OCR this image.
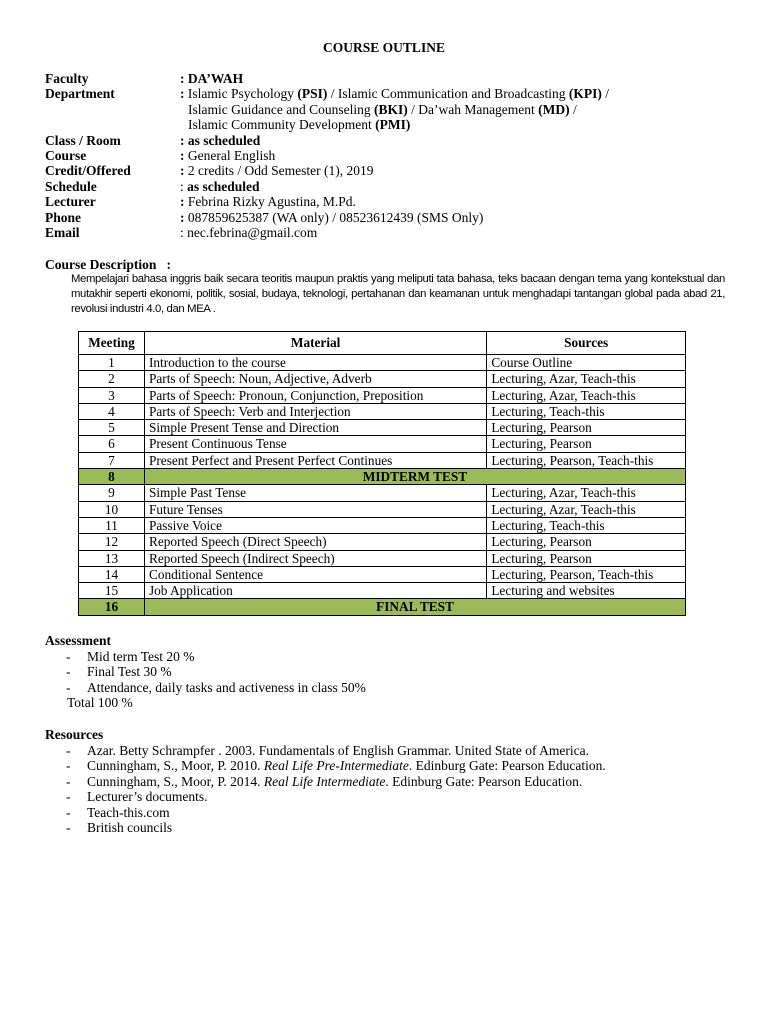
COURSE OUTLINE
Faculty	: DA’WAH
Department	: Islamic Psychology (PSI) / Islamic Communication and Broadcasting (KPI) /
Islamic Guidance and Counseling (BKI) / Da’wah Management (MD) /
Islamic Community Development (PMI)
Class / Room	: as scheduled
Course	: General English
Credit/Offered	: 2 credits / Odd Semester (1), 2019
Schedule	: as scheduled
Lecturer	: Febrina Rizky Agustina, M.Pd.
Phone	: 087859625387 (WA only) / 08523612439 (SMS Only)
Email	: nec.febrina@gmail.com
Course Description   :
Mempelajari bahasa inggris baik secara teoritis maupun praktis yang meliputi tata bahasa, teks bacaan dengan tema yang kontekstual dan mutakhir seperti ekonomi, politik, sosial, budaya, teknologi, pertahanan dan keamanan untuk menghadapi tantangan global pada abad 21, revolusi industri 4.0, dan MEA .
Meeting	Material	Sources
1	Introduction to the course	Course Outline
2	Parts of Speech: Noun, Adjective, Adverb	Lecturing, Azar, Teach-this
3	Parts of Speech: Pronoun, Conjunction, Preposition	Lecturing, Azar, Teach-this
4	Parts of Speech: Verb and Interjection	Lecturing, Teach-this
5	Simple Present Tense and Direction	Lecturing, Pearson
6	Present Continuous Tense	Lecturing, Pearson
7	Present Perfect and Present Perfect Continues	Lecturing, Pearson, Teach-this
8	MIDTERM TEST	
9	Simple Past Tense	Lecturing, Azar, Teach-this
10	Future Tenses	Lecturing, Azar, Teach-this
11	Passive Voice	Lecturing, Teach-this
12	Reported Speech (Direct Speech)	Lecturing, Pearson
13	Reported Speech (Indirect Speech)	Lecturing, Pearson
14	Conditional Sentence	Lecturing, Pearson, Teach-this
15	Job Application	Lecturing and websites
16	FINAL TEST	
Assessment
-	Mid term Test 20 %
-	Final Test 30 %
-	Attendance, daily tasks and activeness in class 50%
Total 100 %
Resources
-	Azar. Betty Schrampfer . 2003. Fundamentals of English Grammar. United State of America.
-	Cunningham, S., Moor, P. 2010. Real Life Pre-Intermediate. Edinburg Gate: Pearson Education.
-	Cunningham, S., Moor, P. 2014. Real Life Intermediate. Edinburg Gate: Pearson Education.
-	Lecturer’s documents.
-	Teach-this.com
-	British councils
